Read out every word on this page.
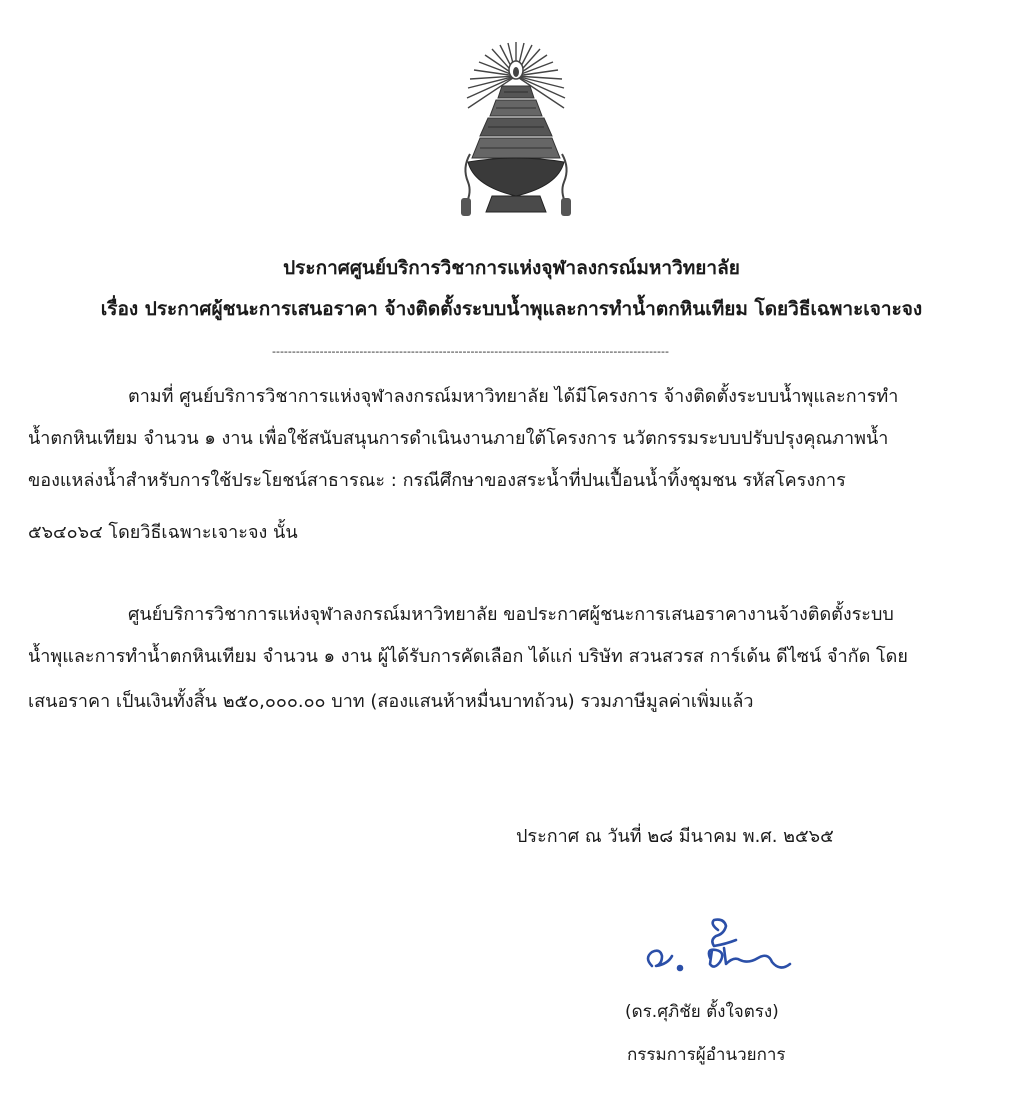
ประกาศศูนย์บริการวิชาการแห่งจุฬาลงกรณ์มหาวิทยาลัย
เรื่อง ประกาศผู้ชนะการเสนอราคา จ้างติดตั้งระบบน้ำพุและการทำน้ำตกหินเทียม โดยวิธีเฉพาะเจาะจง
----------------------------------------------------------------------------------------------------
ตามที่ ศูนย์บริการวิชาการแห่งจุฬาลงกรณ์มหาวิทยาลัย ได้มีโครงการ จ้างติดตั้งระบบน้ำพุและการทำ
น้ำตกหินเทียม จำนวน ๑ งาน เพื่อใช้สนับสนุนการดำเนินงานภายใต้โครงการ นวัตกรรมระบบปรับปรุงคุณภาพน้ำ
ของแหล่งน้ำสำหรับการใช้ประโยชน์สาธารณะ : กรณีศึกษาของสระน้ำที่ปนเปื้อนน้ำทิ้งชุมชน รหัสโครงการ
๕๖๔๐๖๔ โดยวิธีเฉพาะเจาะจง นั้น
ศูนย์บริการวิชาการแห่งจุฬาลงกรณ์มหาวิทยาลัย ขอประกาศผู้ชนะการเสนอราคางานจ้างติดตั้งระบบ
น้ำพุและการทำน้ำตกหินเทียม จำนวน ๑ งาน ผู้ได้รับการคัดเลือก ได้แก่ บริษัท สวนสวรส การ์เด้น ดีไซน์ จำกัด โดย
เสนอราคา เป็นเงินทั้งสิ้น ๒๕๐,๐๐๐.๐๐ บาท (สองแสนห้าหมื่นบาทถ้วน) รวมภาษีมูลค่าเพิ่มแล้ว
ประกาศ ณ วันที่ ๒๘ มีนาคม พ.ศ. ๒๕๖๕
(ดร.ศุภิชัย ตั้งใจตรง)
กรรมการผู้อำนวยการ
